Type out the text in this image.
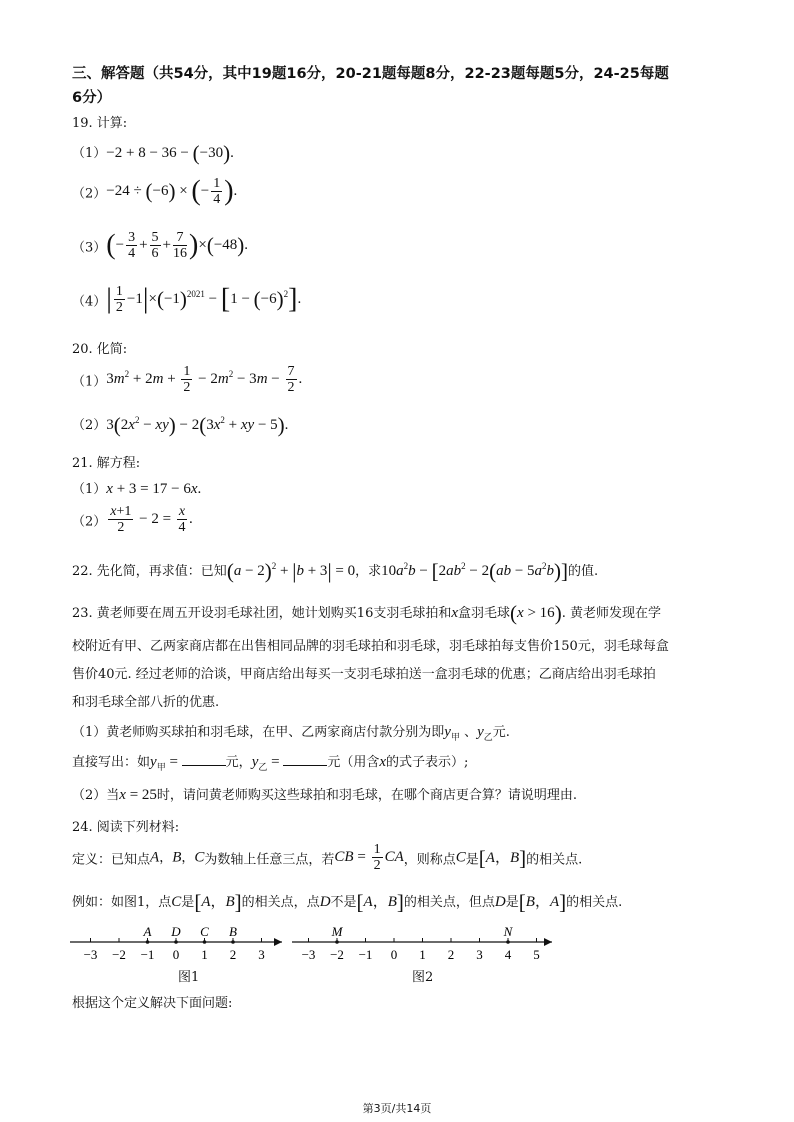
三、解答题（共54分，其中19题16分，20-21题每题8分，22-23题每题5分，24-25每题
6分）
19. 计算:
（1）−2 + 8 − 36 − (−30).
（2）−24 ÷ (−6) × (− $\frac{1}{4}$ ).
$(3)(- \frac{3}{4} + \frac{5}{6} + \frac{7}{16} )\times(-48)$.
$(4)| \frac{1}{2} -1|\times(-1)^{2021} - [1 - (-6)^2]$.
20. 化简:
$(1)3m^2 + 2m + \frac{1}{2} - 2m^2 - 3m - \frac{7}{2}$ .
$(2)3(2x^2 - xy) - 2(3x^2$ + xy − 5).
21. 解方程:
（1）x + 3 = 17 − 6x.
$(2) \frac{x+1}{2} - 2 = \frac{x}{4}$ .
22. 先化简，再求值：已知$(a - 2)^2 + |b + 3| = 0$，求$10a^2b - [2ab^2 - 2(ab - 5a^2b)]$的值.
23. 黄老师要在周五开设羽毛球社团，她计划购买16支羽毛球拍和x盒羽毛球(x > 16). 黄老师发现在学
校附近有甲、乙两家商店都在出售相同品牌的羽毛球拍和羽毛球，羽毛球拍每支售价150元，羽毛球每盒
售价40元. 经过老师的洽谈，甲商店给出每买一支羽毛球拍送一盒羽毛球的优惠；乙商店给出羽毛球拍
和羽毛球全部八折的优惠.
（1）黄老师购买球拍和羽毛球，在甲、乙两家商店付款分别为即$y_甲$ 、$y_乙$元.
直接写出：如$y_甲$ =	元，$y_乙$ =	元（用含x的式子表示）;
（2）当x = 25时，请问黄老师购买这些球拍和羽毛球，在哪个商店更合算？请说明理由.
24. 阅读下列材料:
定义：已知点A，B，C为数轴上任意三点，若CB = $\frac{1}{2}$ CA，则称点C是[A，B]的相关点.
例如：如图1，点C是[A，B]的相关点，点D不是[A，B]的相关点，但点D是[B，A]的相关点.
−3 −2 −1 0 1 2 3
A D C B
−3 −2 −1 0 1 2 3 4 5
M	N
图1	图2
根据这个定义解决下面问题:
第3页/共14页
